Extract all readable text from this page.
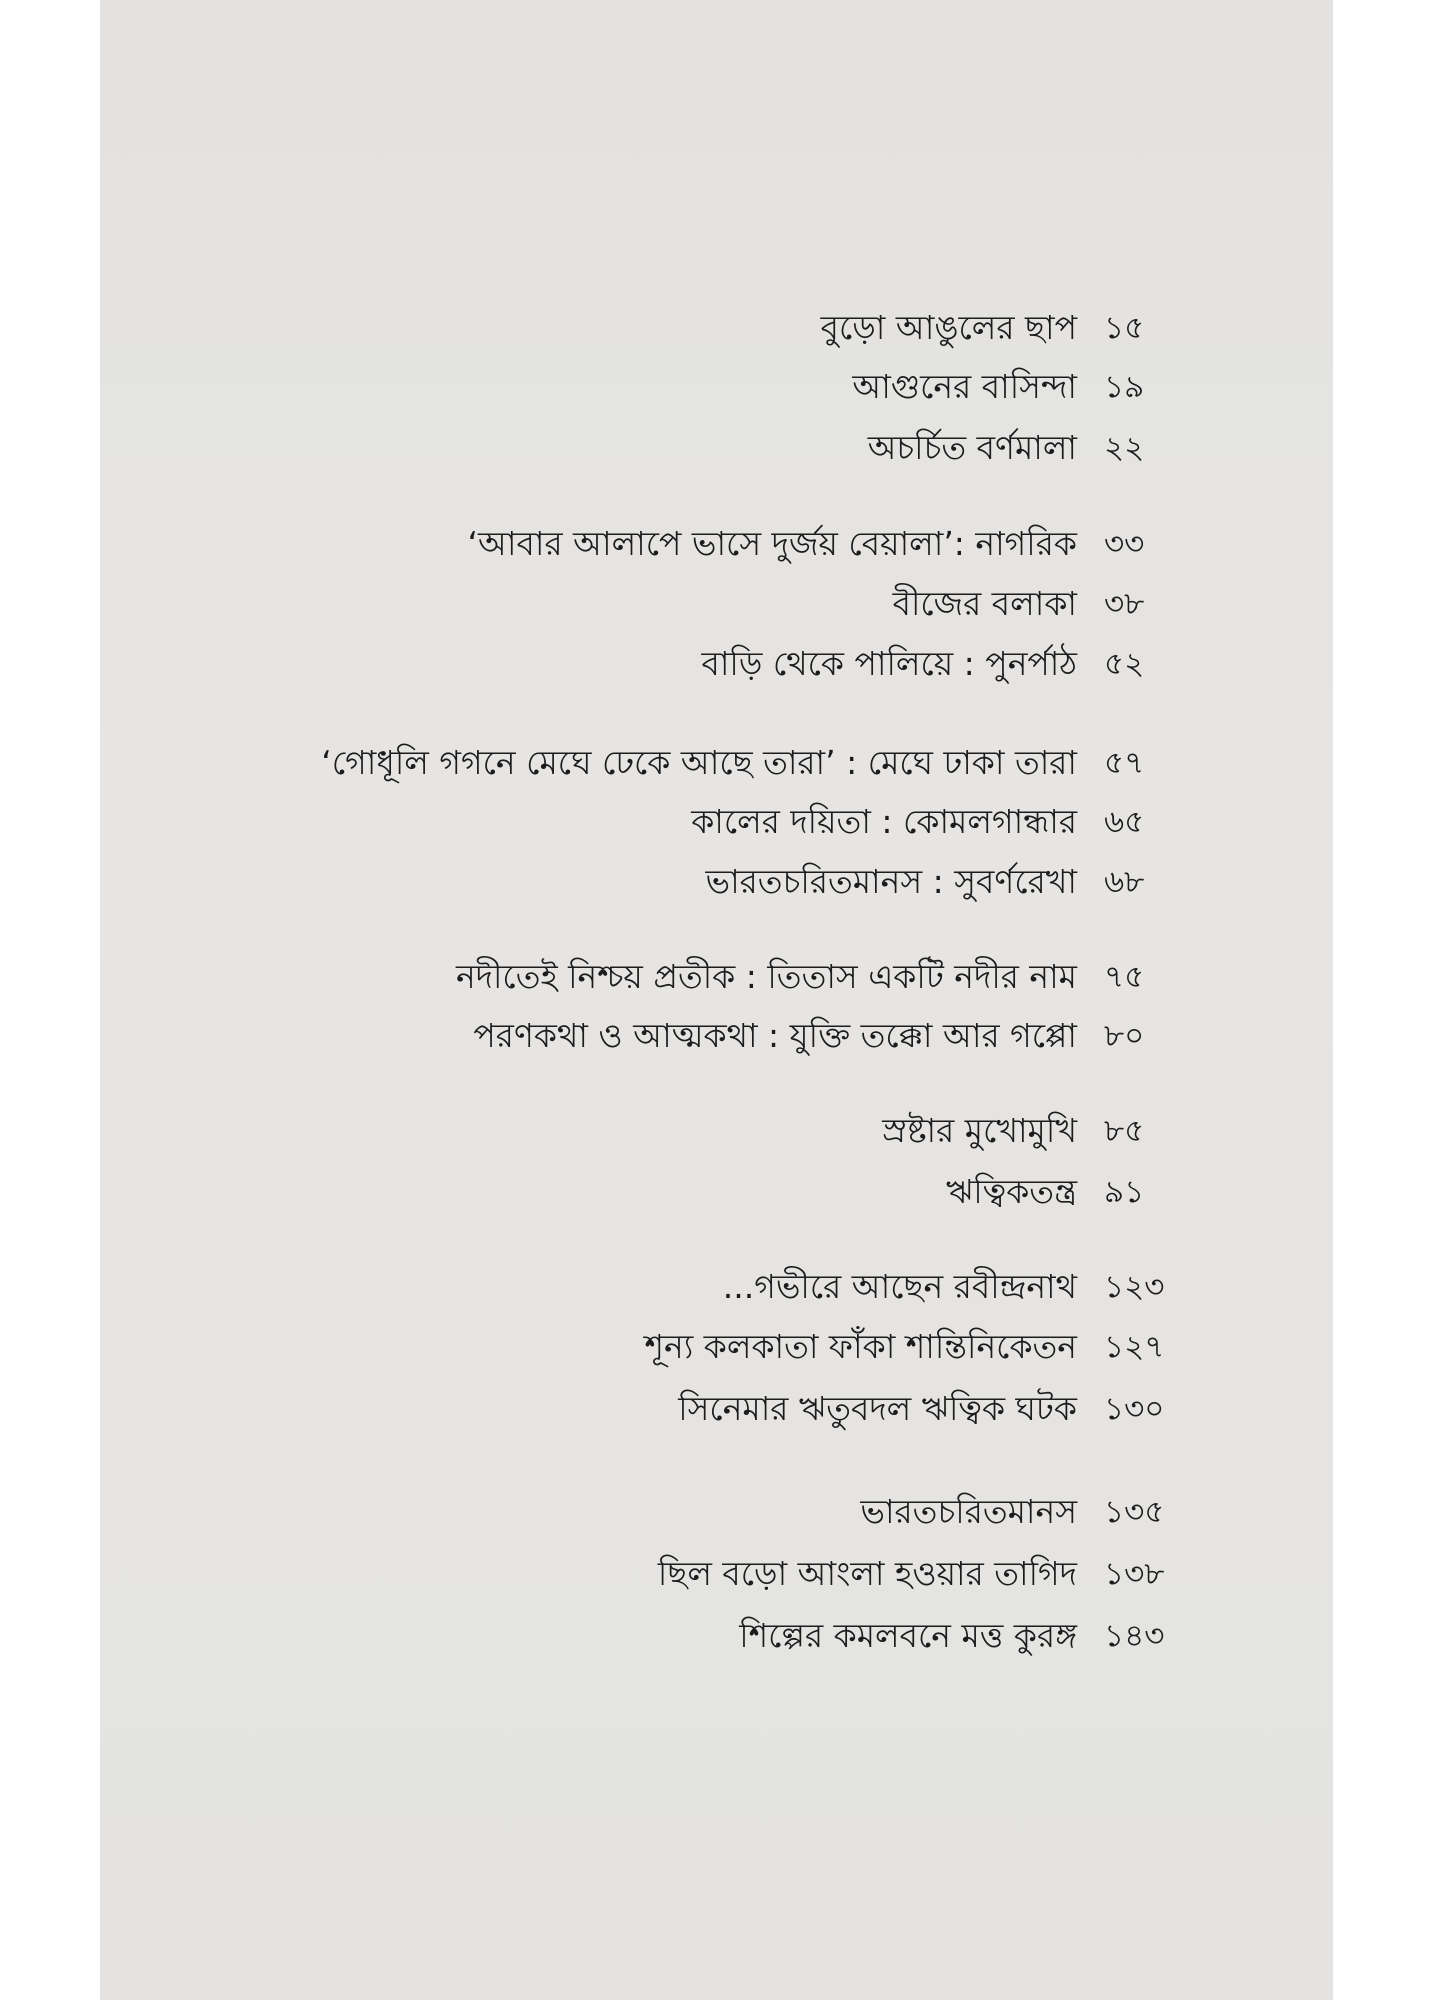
বুড়ো আঙুলের ছাপ ১৫
আগুনের বাসিন্দা ১৯
অচর্চিত বর্ণমালা ২২
‘আবার আলাপে ভাসে দুর্জয় বেয়ালা’: নাগরিক ৩৩
বীজের বলাকা ৩৮
বাড়ি থেকে পালিয়ে : পুনর্পাঠ ৫২
‘গোধূলি গগনে মেঘে ঢেকে আছে তারা’ : মেঘে ঢাকা তারা ৫৭
কালের দয়িতা : কোমলগান্ধার ৬৫
ভারতচরিতমানস : সুবর্ণরেখা ৬৮
নদীতেই নিশ্চয় প্রতীক : তিতাস একটি নদীর নাম ৭৫
পরণকথা ও আত্মকথা : যুক্তি তক্কো আর গপ্পো ৮০
স্রষ্টার মুখোমুখি ৮৫
ঋত্বিকতন্ত্র ৯১
...গভীরে আছেন রবীন্দ্রনাথ ১২৩
শূন্য কলকাতা ফাঁকা শান্তিনিকেতন ১২৭
সিনেমার ঋতুবদল ঋত্বিক ঘটক ১৩০
ভারতচরিতমানস ১৩৫
ছিল বড়ো আংলা হওয়ার তাগিদ ১৩৮
শিল্পের কমলবনে মত্ত কুরঙ্গ ১৪৩
